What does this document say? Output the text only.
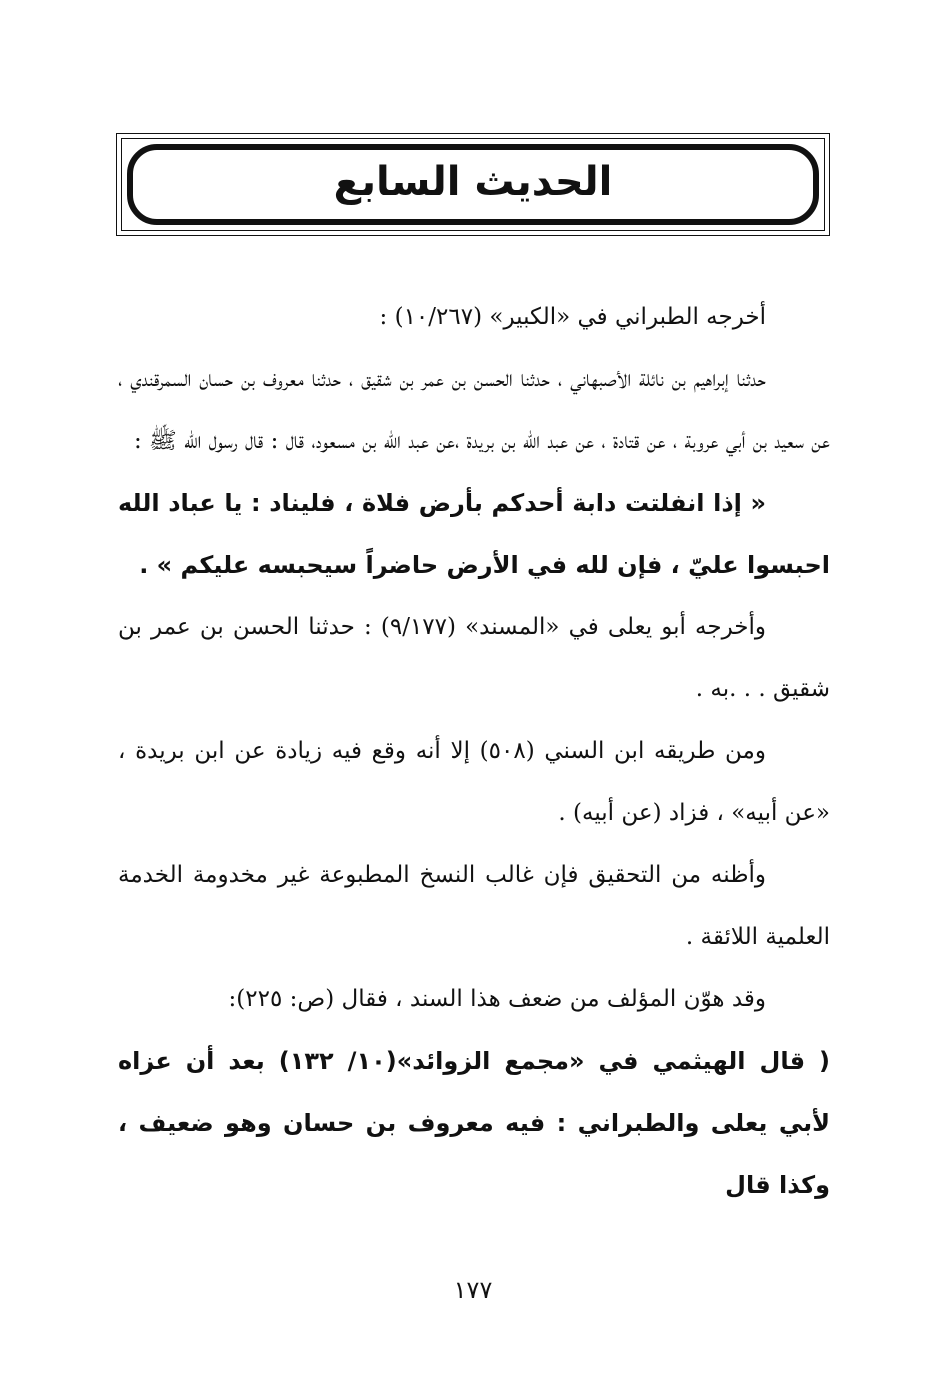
الحديث السابع

أخرجه الطبراني في «الكبير» (١٠/٢٦٧) :

حدثنا إبراهيم بن نائلة الأصبهاني ، حدثنا الحسن بن عمر بن شقيق ، حدثنا معروف بن حسان السمرقندي ، عن سعيد بن أبي عروبة ، عن قتادة ، عن عبد الله بن بريدة ،عن عبد الله بن مسعود، قال : قال رسول الله ﷺ :

« إذا انفلتت دابة أحدكم بأرض فلاة ، فليناد : يا عباد الله احبسوا عليّ ، فإن لله في الأرض حاضراً سيحبسه عليكم » .

وأخرجه أبو يعلى في «المسند» (٩/١٧٧) : حدثنا الحسن بن عمر بن شقيق . . .به .

ومن طريقه ابن السني (٥٠٨) إلا أنه وقع فيه زيادة عن ابن بريدة ، «عن أبيه» ، فزاد (عن أبيه) .

وأظنه من التحقيق فإن غالب النسخ المطبوعة غير مخدومة الخدمة العلمية اللائقة .

وقد هوّن المؤلف من ضعف هذا السند ، فقال (ص: ٢٢٥):

( قال الهيثمي في «مجمع الزوائد»(١٠/ ١٣٢) بعد أن عزاه لأبي يعلى والطبراني : فيه معروف بن حسان وهو ضعيف ، وكذا قال

١٧٧
